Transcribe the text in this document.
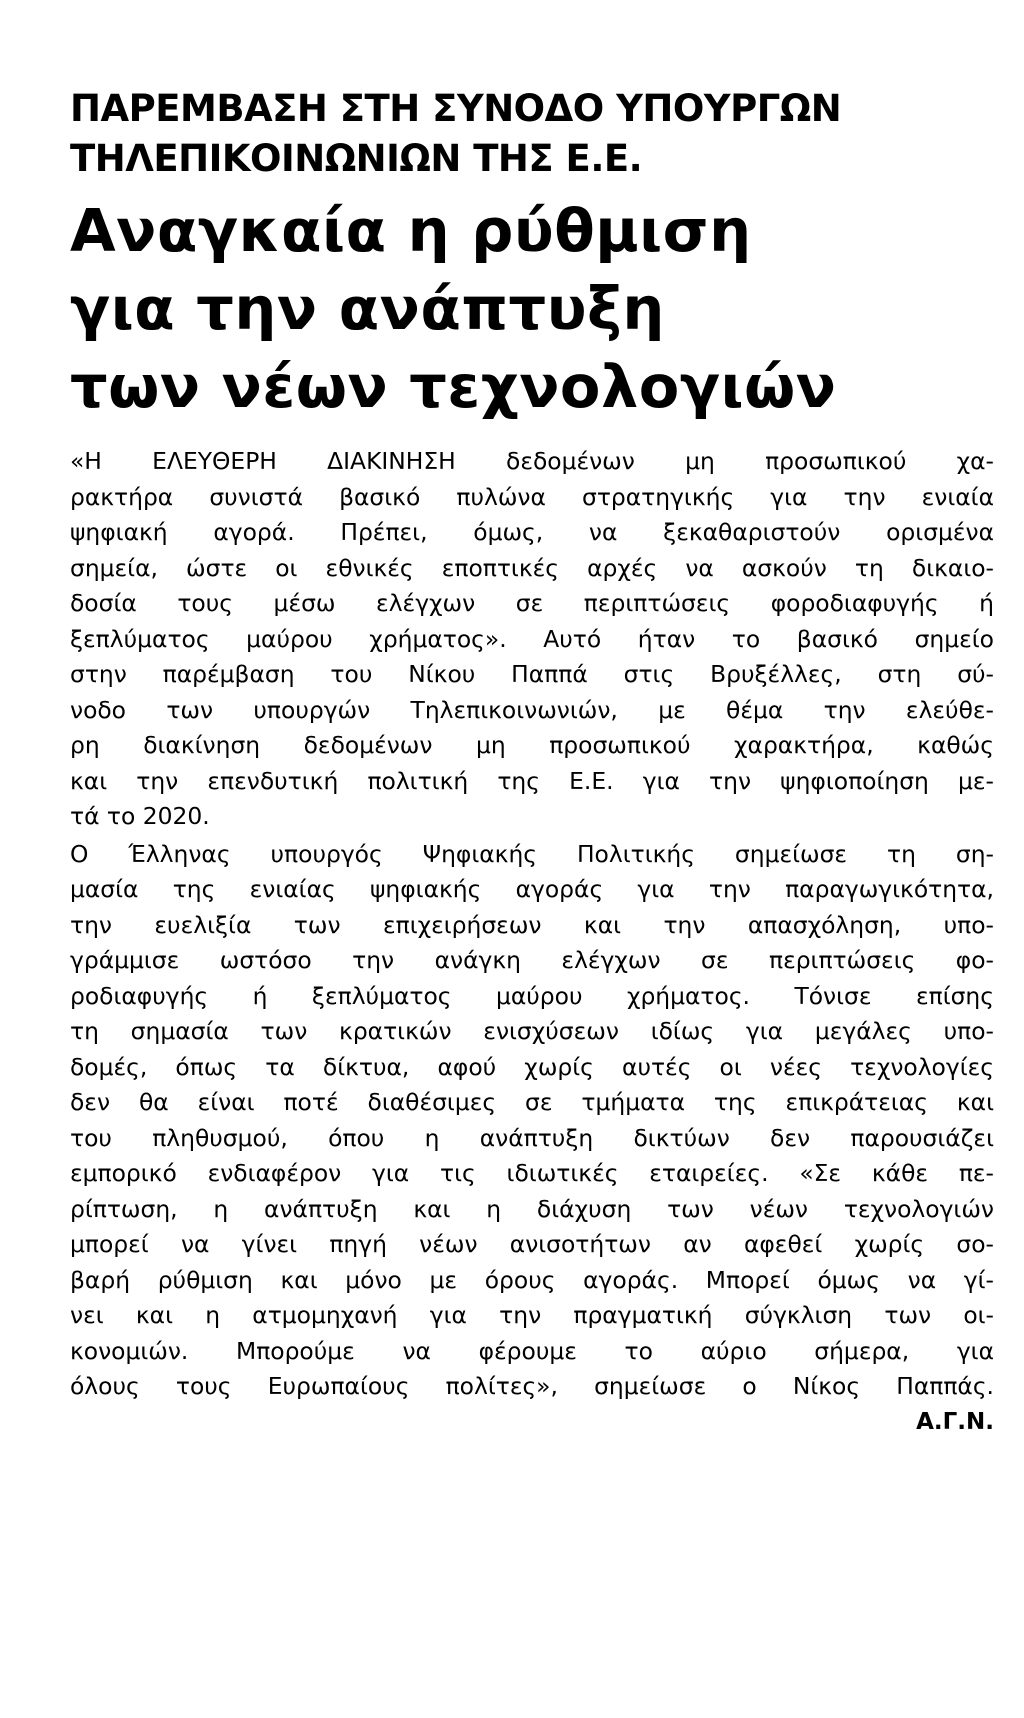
ΠΑΡΕΜΒΑΣΗ ΣΤΗ ΣΥΝΟΔΟ ΥΠΟΥΡΓΩΝ
ΤΗΛΕΠΙΚΟΙΝΩΝΙΩΝ ΤΗΣ Ε.Ε.
Αναγκαία η ρύθμιση
για την ανάπτυξη
των νέων τεχνολογιών

«Η ΕΛΕΥΘΕΡΗ ΔΙΑΚΙΝΗΣΗ δεδομένων μη προσωπικού χα-
ρακτήρα συνιστά βασικό πυλώνα στρατηγικής για την ενιαία
ψηφιακή αγορά. Πρέπει, όμως, να ξεκαθαριστούν ορισμένα
σημεία, ώστε οι εθνικές εποπτικές αρχές να ασκούν τη δικαιο-
δοσία τους μέσω ελέγχων σε περιπτώσεις φοροδιαφυγής ή
ξεπλύματος μαύρου χρήματος». Αυτό ήταν το βασικό σημείο
στην παρέμβαση του Νίκου Παππά στις Βρυξέλλες, στη σύ-
νοδο των υπουργών Τηλεπικοινωνιών, με θέμα την ελεύθε-
ρη διακίνηση δεδομένων μη προσωπικού χαρακτήρα, καθώς
και την επενδυτική πολιτική της Ε.Ε. για την ψηφιοποίηση με-
τά το 2020.

Ο Έλληνας υπουργός Ψηφιακής Πολιτικής σημείωσε τη ση-
μασία της ενιαίας ψηφιακής αγοράς για την παραγωγικότητα,
την ευελιξία των επιχειρήσεων και την απασχόληση, υπο-
γράμμισε ωστόσο την ανάγκη ελέγχων σε περιπτώσεις φο-
ροδιαφυγής ή ξεπλύματος μαύρου χρήματος. Τόνισε επίσης
τη σημασία των κρατικών ενισχύσεων ιδίως για μεγάλες υπο-
δομές, όπως τα δίκτυα, αφού χωρίς αυτές οι νέες τεχνολογίες
δεν θα είναι ποτέ διαθέσιμες σε τμήματα της επικράτειας και
του πληθυσμού, όπου η ανάπτυξη δικτύων δεν παρουσιάζει
εμπορικό ενδιαφέρον για τις ιδιωτικές εταιρείες. «Σε κάθε πε-
ρίπτωση, η ανάπτυξη και η διάχυση των νέων τεχνολογιών
μπορεί να γίνει πηγή νέων ανισοτήτων αν αφεθεί χωρίς σο-
βαρή ρύθμιση και μόνο με όρους αγοράς. Μπορεί όμως να γί-
νει και η ατμομηχανή για την πραγματική σύγκλιση των οι-
κονομιών. Μπορούμε να φέρουμε το αύριο σήμερα, για
όλους τους Ευρωπαίους πολίτες», σημείωσε ο Νίκος Παππάς.

Α.Γ.Ν.
